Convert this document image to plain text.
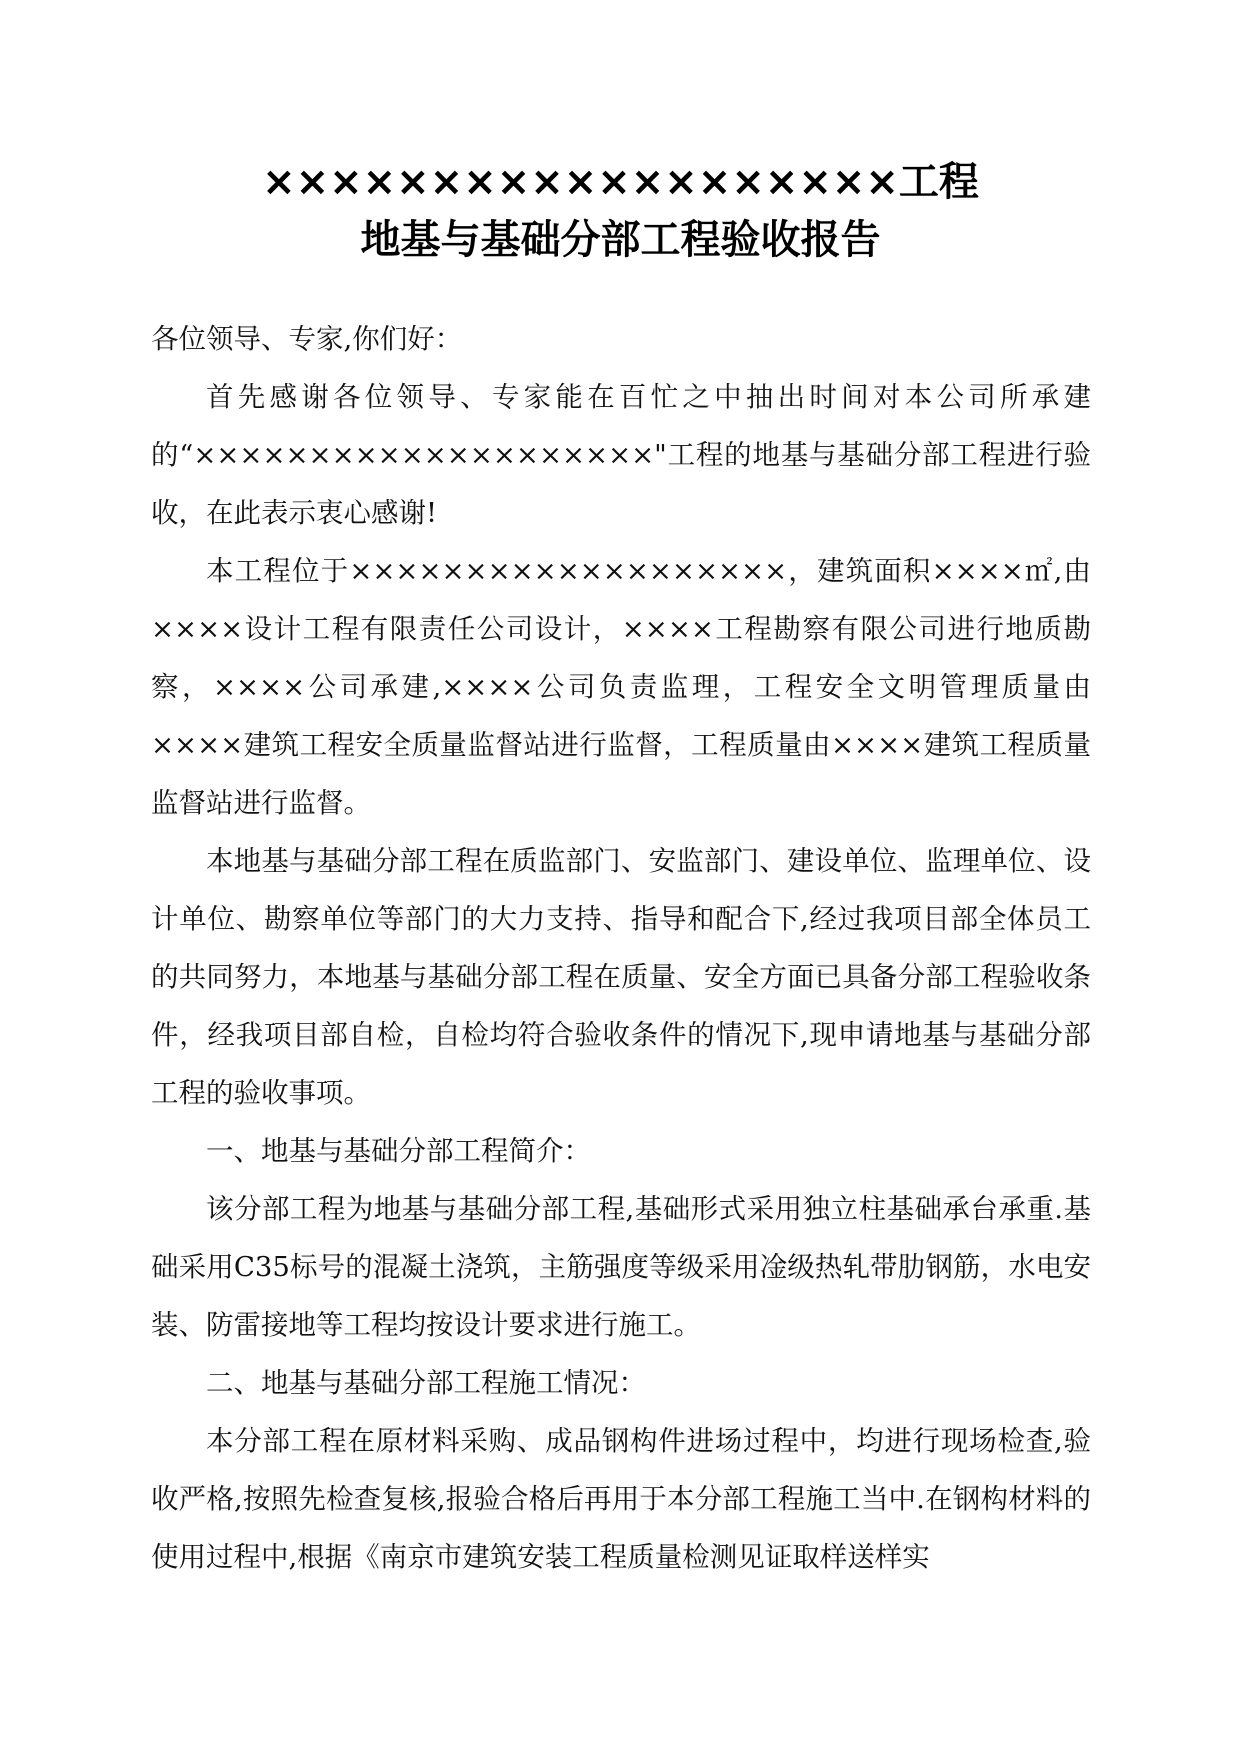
×××××××××××××××××××工程
地基与基础分部工程验收报告

各位领导、专家,你们好：

首先感谢各位领导、专家能在百忙之中抽出时间对本公司所承建的“××××××××××××××××××××"工程的地基与基础分部工程进行验收，在此表示衷心感谢!

本工程位于×××××××××××××××××××，建筑面积××××㎡,由××××设计工程有限责任公司设计，××××工程勘察有限公司进行地质勘察，××××公司承建,××××公司负责监理，工程安全文明管理质量由××××建筑工程安全质量监督站进行监督，工程质量由××××建筑工程质量监督站进行监督。

本地基与基础分部工程在质监部门、安监部门、建设单位、监理单位、设计单位、勘察单位等部门的大力支持、指导和配合下,经过我项目部全体员工的共同努力，本地基与基础分部工程在质量、安全方面已具备分部工程验收条件，经我项目部自检，自检均符合验收条件的情况下,现申请地基与基础分部工程的验收事项。

一、地基与基础分部工程简介：

该分部工程为地基与基础分部工程,基础形式采用独立柱基础承台承重.基础采用C35标号的混凝土浇筑，主筋强度等级采用凎级热轧带肋钢筋，水电安装、防雷接地等工程均按设计要求进行施工。

二、地基与基础分部工程施工情况：

本分部工程在原材料采购、成品钢构件进场过程中，均进行现场检查,验收严格,按照先检查复核,报验合格后再用于本分部工程施工当中.在钢构材料的使用过程中,根据《南京市建筑安装工程质量检测见证取样送样实
